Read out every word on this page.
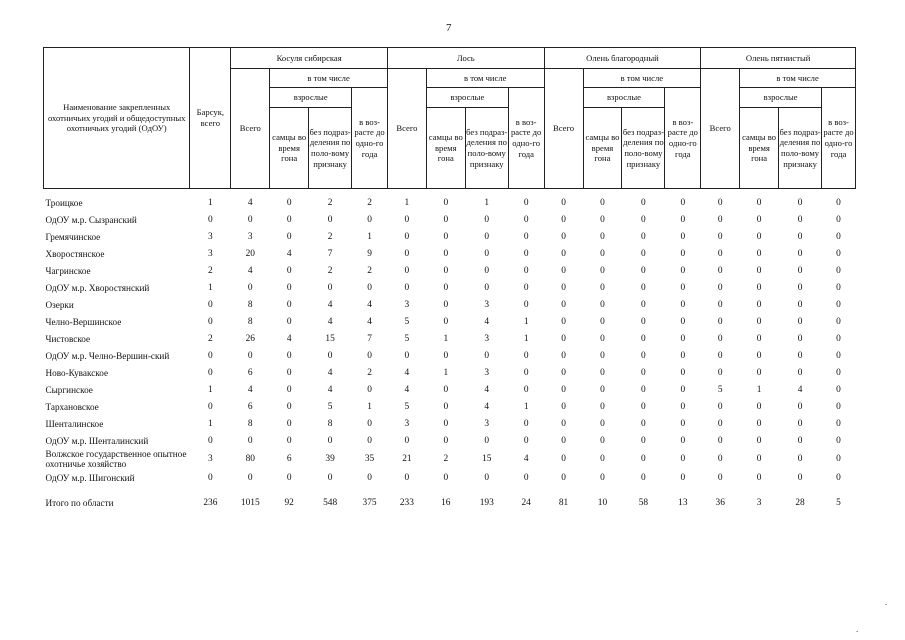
7
Наименование закрепленных охотничьих угодий и общедоступных охотничьих угодий (ОдОУ)	Барсук, всего	Косуля сибирская				Лось				Олень благородный				Олень пятнистый			
		Всего	в том числе			Всего	в том числе			Всего	в том числе			Всего	в том числе		
			взрослые		в воз-расте до одно-го года		взрослые		в воз-расте до одно-го года		взрослые		в воз-расте до одно-го года		взрослые		в воз-расте до одно-го года
			самцы во время гона	без подраз-деления по поло-вому признаку			самцы во время гона	без подраз-деления по поло-вому признаку			самцы во время гона	без подраз-деления по поло-вому признаку			самцы во время гона	без подраз-деления по поло-вому признаку	

Троицкое	1	4	0	2	2	1	0	1	0	0	0	0	0	0	0	0	0
ОдОУ м.р. Сызранский	0	0	0	0	0	0	0	0	0	0	0	0	0	0	0	0	0
Гремячинское	3	3	0	2	1	0	0	0	0	0	0	0	0	0	0	0	0
Хворостянское	3	20	4	7	9	0	0	0	0	0	0	0	0	0	0	0	0
Чагринское	2	4	0	2	2	0	0	0	0	0	0	0	0	0	0	0	0
ОдОУ м.р. Хворостянский	1	0	0	0	0	0	0	0	0	0	0	0	0	0	0	0	0
Озерки	0	8	0	4	4	3	0	3	0	0	0	0	0	0	0	0	0
Челно-Вершинское	0	8	0	4	4	5	0	4	1	0	0	0	0	0	0	0	0
Чистовское	2	26	4	15	7	5	1	3	1	0	0	0	0	0	0	0	0
ОдОУ м.р. Челно-Вершин-ский	0	0	0	0	0	0	0	0	0	0	0	0	0	0	0	0	0
Ново-Кувакское	0	6	0	4	2	4	1	3	0	0	0	0	0	0	0	0	0
Сыргинское	1	4	0	4	0	4	0	4	0	0	0	0	0	5	1	4	0
Тархановское	0	6	0	5	1	5	0	4	1	0	0	0	0	0	0	0	0
Шенталинское	1	8	0	8	0	3	0	3	0	0	0	0	0	0	0	0	0
ОдОУ м.р. Шенталинский	0	0	0	0	0	0	0	0	0	0	0	0	0	0	0	0	0
Волжское государственное опытное охотничье хозяйство	3	80	6	39	35	21	2	15	4	0	0	0	0	0	0	0	0
ОдОУ м.р. Шигонский	0	0	0	0	0	0	0	0	0	0	0	0	0	0	0	0	0

Итого по области	236	1015	92	548	375	233	16	193	24	81	10	58	13	36	3	28	5
.
.
